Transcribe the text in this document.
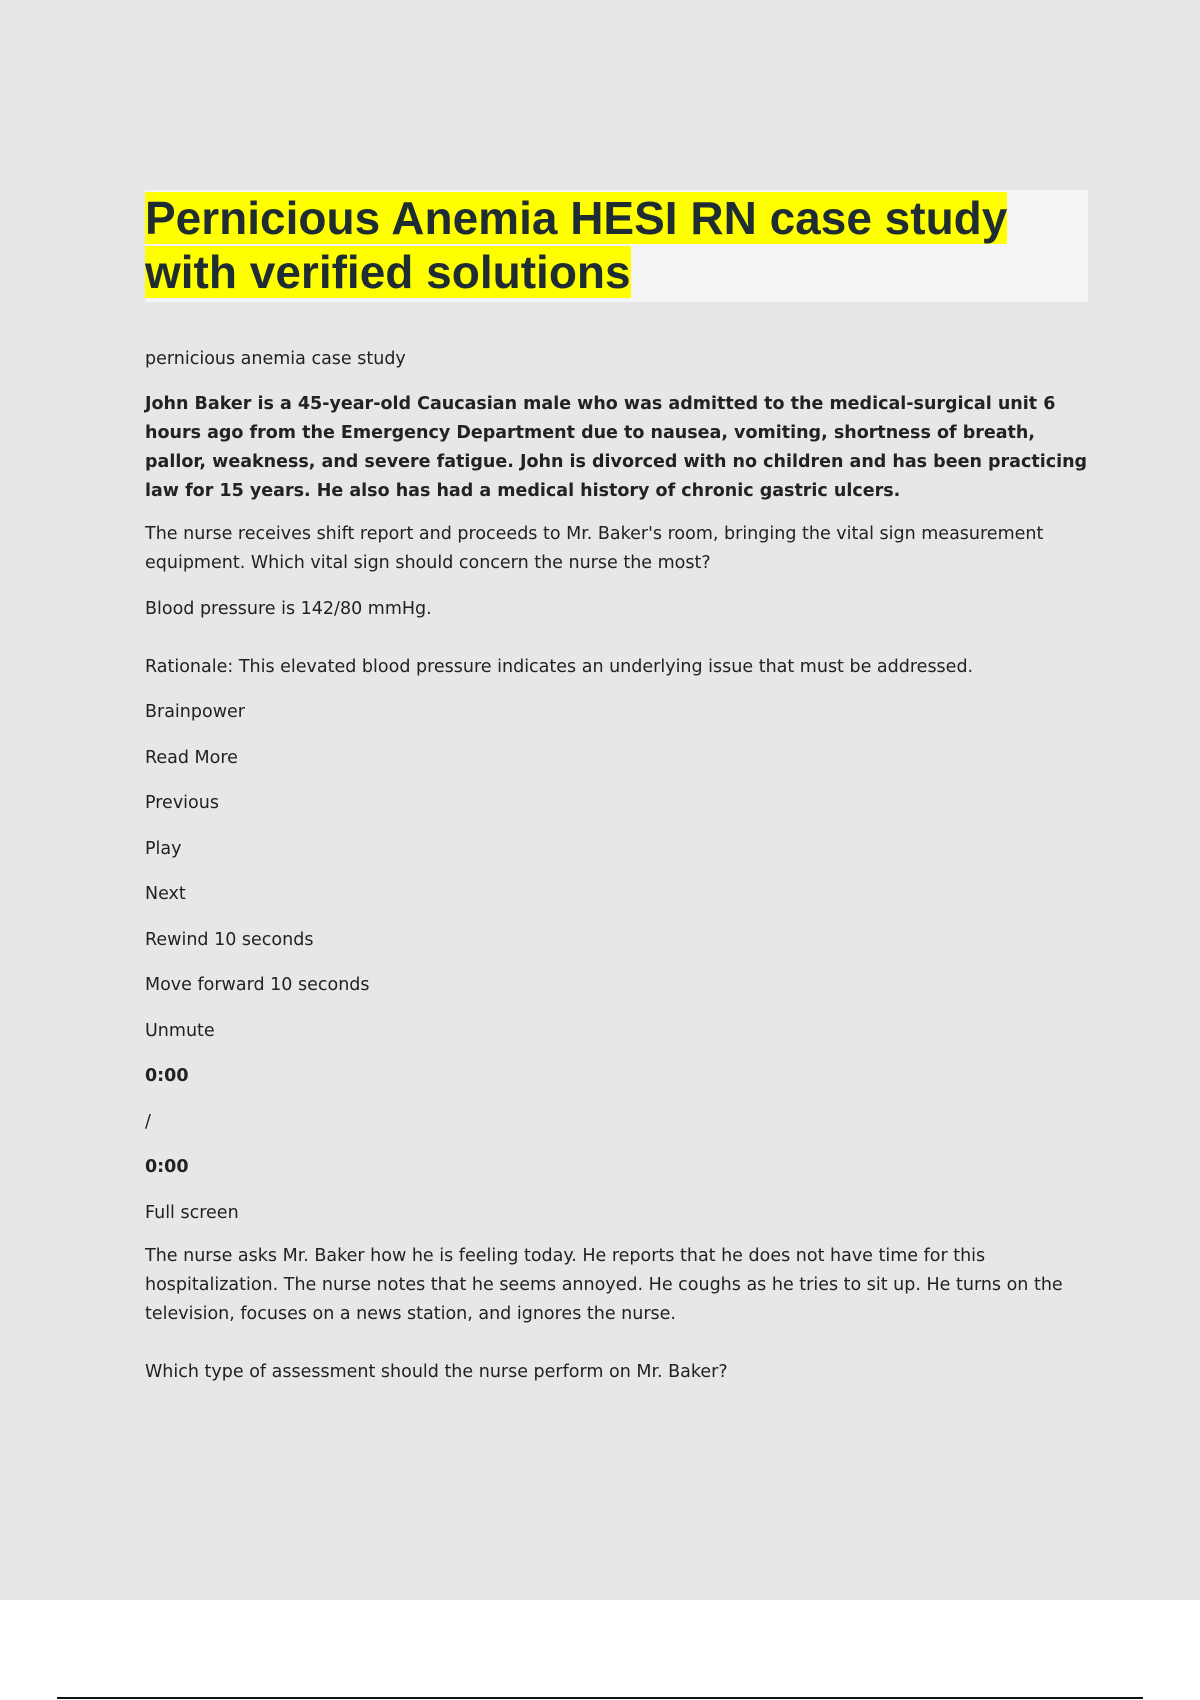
Pernicious Anemia HESI RN case study
with verified solutions

pernicious anemia case study

John Baker is a 45-year-old Caucasian male who was admitted to the medical-surgical unit 6 hours ago from the Emergency Department due to nausea, vomiting, shortness of breath, pallor, weakness, and severe fatigue. John is divorced with no children and has been practicing law for 15 years. He also has had a medical history of chronic gastric ulcers.

The nurse receives shift report and proceeds to Mr. Baker's room, bringing the vital sign measurement equipment. Which vital sign should concern the nurse the most?

Blood pressure is 142/80 mmHg.

Rationale: This elevated blood pressure indicates an underlying issue that must be addressed.

Brainpower

Read More

Previous

Play

Next

Rewind 10 seconds

Move forward 10 seconds

Unmute

0:00

/

0:00

Full screen

The nurse asks Mr. Baker how he is feeling today. He reports that he does not have time for this hospitalization. The nurse notes that he seems annoyed. He coughs as he tries to sit up. He turns on the television, focuses on a news station, and ignores the nurse.

Which type of assessment should the nurse perform on Mr. Baker?
